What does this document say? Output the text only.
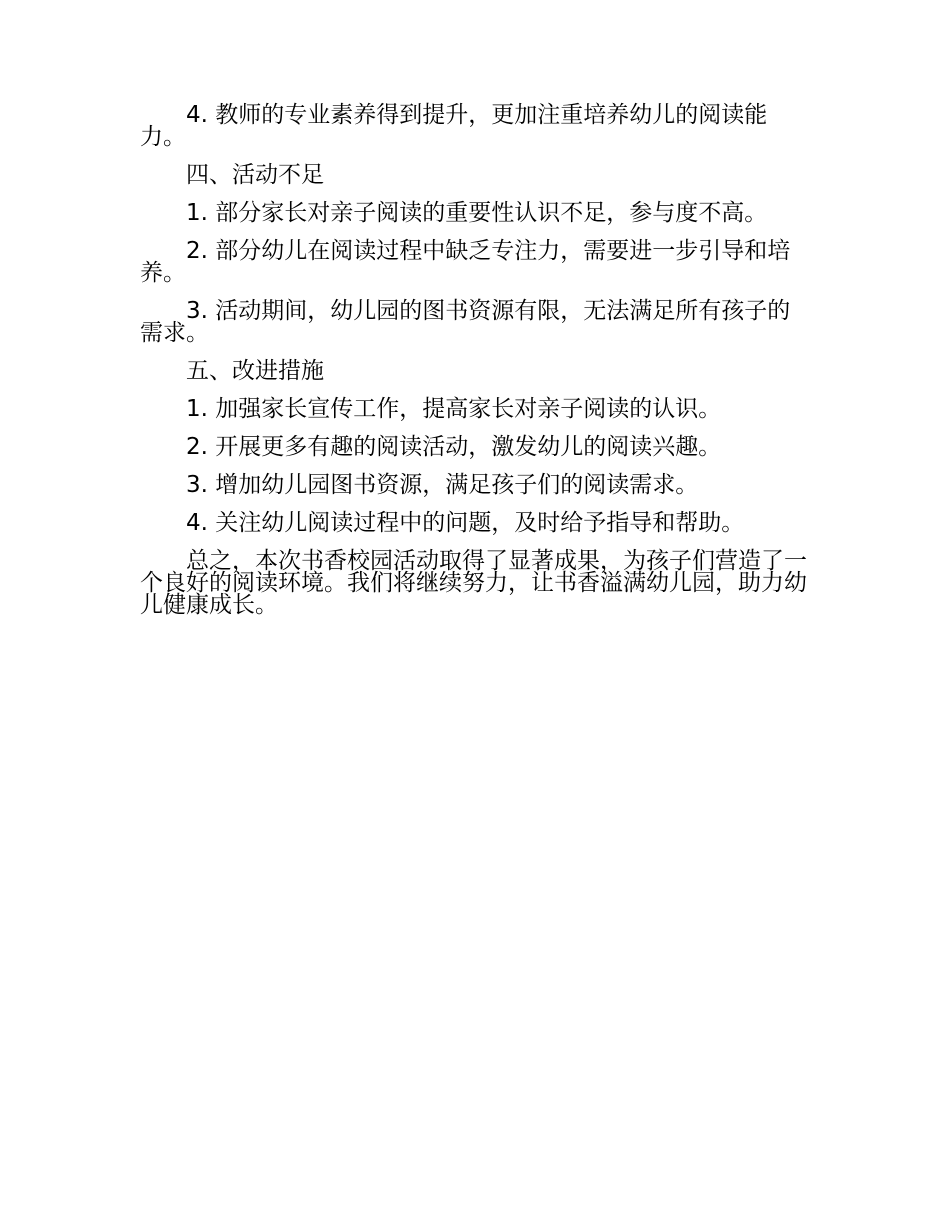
4. 教师的专业素养得到提升，更加注重培养幼儿的阅读能力。

四、活动不足

1. 部分家长对亲子阅读的重要性认识不足，参与度不高。

2. 部分幼儿在阅读过程中缺乏专注力，需要进一步引导和培养。

3. 活动期间，幼儿园的图书资源有限，无法满足所有孩子的需求。

五、改进措施

1. 加强家长宣传工作，提高家长对亲子阅读的认识。

2. 开展更多有趣的阅读活动，激发幼儿的阅读兴趣。

3. 增加幼儿园图书资源，满足孩子们的阅读需求。

4. 关注幼儿阅读过程中的问题，及时给予指导和帮助。

总之，本次书香校园活动取得了显著成果，为孩子们营造了一个良好的阅读环境。我们将继续努力，让书香溢满幼儿园，助力幼儿健康成长。
